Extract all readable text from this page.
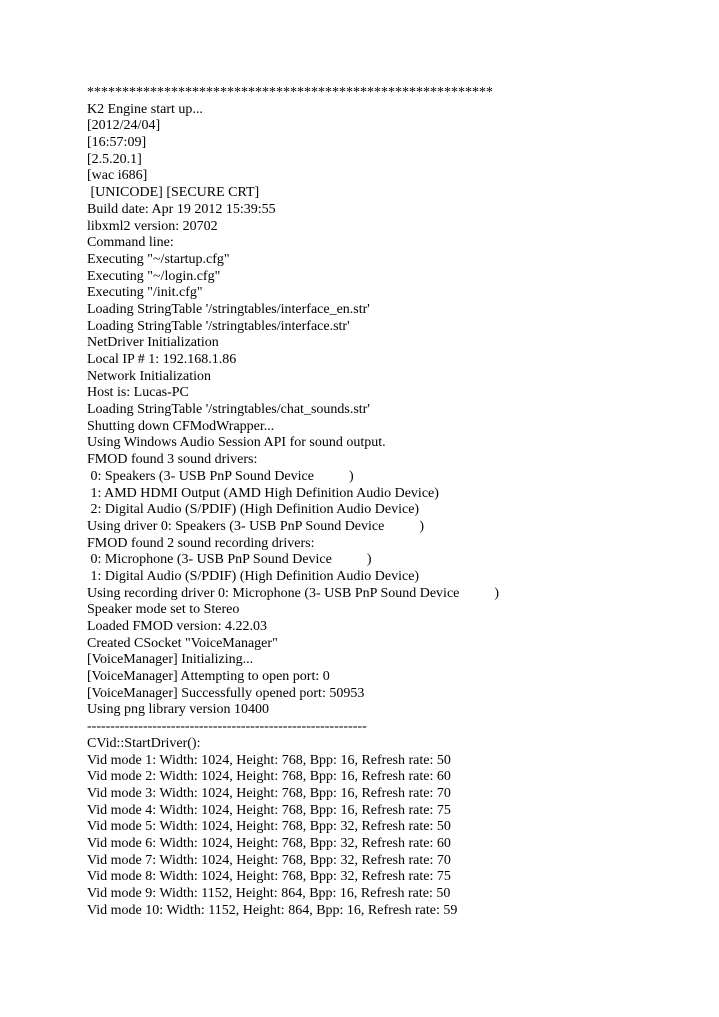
**********************************************************
K2 Engine start up...
[2012/24/04]
[16:57:09]
[2.5.20.1]
[wac i686]
[UNICODE] [SECURE CRT]
Build date: Apr 19 2012 15:39:55
libxml2 version: 20702
Command line:
Executing "~/startup.cfg"
Executing "~/login.cfg"
Executing "/init.cfg"
Loading StringTable '/stringtables/interface_en.str'
Loading StringTable '/stringtables/interface.str'
NetDriver Initialization
Local IP # 1: 192.168.1.86
Network Initialization
Host is: Lucas-PC
Loading StringTable '/stringtables/chat_sounds.str'
Shutting down CFModWrapper...
Using Windows Audio Session API for sound output.
FMOD found 3 sound drivers:
0: Speakers (3- USB PnP Sound Device          )
1: AMD HDMI Output (AMD High Definition Audio Device)
2: Digital Audio (S/PDIF) (High Definition Audio Device)
Using driver 0: Speakers (3- USB PnP Sound Device          )
FMOD found 2 sound recording drivers:
0: Microphone (3- USB PnP Sound Device          )
1: Digital Audio (S/PDIF) (High Definition Audio Device)
Using recording driver 0: Microphone (3- USB PnP Sound Device          )
Speaker mode set to Stereo
Loaded FMOD version: 4.22.03
Created CSocket "VoiceManager"
[VoiceManager] Initializing...
[VoiceManager] Attempting to open port: 0
[VoiceManager] Successfully opened port: 50953
Using png library version 10400
------------------------------------------------------------
CVid::StartDriver():
Vid mode 1: Width: 1024, Height: 768, Bpp: 16, Refresh rate: 50
Vid mode 2: Width: 1024, Height: 768, Bpp: 16, Refresh rate: 60
Vid mode 3: Width: 1024, Height: 768, Bpp: 16, Refresh rate: 70
Vid mode 4: Width: 1024, Height: 768, Bpp: 16, Refresh rate: 75
Vid mode 5: Width: 1024, Height: 768, Bpp: 32, Refresh rate: 50
Vid mode 6: Width: 1024, Height: 768, Bpp: 32, Refresh rate: 60
Vid mode 7: Width: 1024, Height: 768, Bpp: 32, Refresh rate: 70
Vid mode 8: Width: 1024, Height: 768, Bpp: 32, Refresh rate: 75
Vid mode 9: Width: 1152, Height: 864, Bpp: 16, Refresh rate: 50
Vid mode 10: Width: 1152, Height: 864, Bpp: 16, Refresh rate: 59
